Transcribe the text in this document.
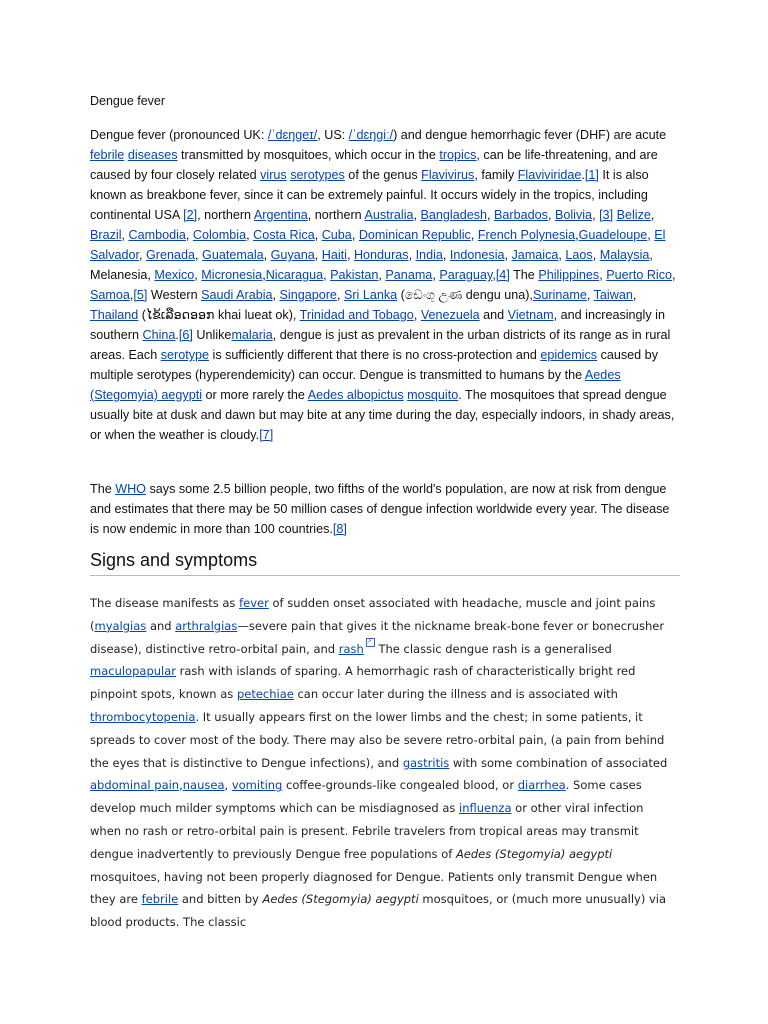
Dengue fever
Dengue fever (pronounced UK: /ˈdɛŋɡeɪ/, US: /ˈdɛŋɡiː/) and dengue hemorrhagic fever (DHF) are acute febrile diseases transmitted by mosquitoes, which occur in the tropics, can be life-threatening, and are caused by four closely related virus serotypes of the genus Flavivirus, family Flaviviridae.[1] It is also known as breakbone fever, since it can be extremely painful. It occurs widely in the tropics, including continental USA [2], northern Argentina, northern Australia, Bangladesh, Barbados, Bolivia, [3] Belize, Brazil, Cambodia, Colombia, Costa Rica, Cuba, Dominican Republic, French Polynesia,Guadeloupe, El Salvador, Grenada, Guatemala, Guyana, Haiti, Honduras, India, Indonesia, Jamaica, Laos, Malaysia, Melanesia, Mexico, Micronesia,Nicaragua, Pakistan, Panama, Paraguay,[4] The Philippines, Puerto Rico, Samoa,[5] Western Saudi Arabia, Singapore, Sri Lanka (ඩෙංගු උණ dengu una),Suriname, Taiwan, Thailand (ໄຂ້ເລືອດອອກ khai lueat ok), Trinidad and Tobago, Venezuela and Vietnam, and increasingly in southern China.[6] Unlikemalaria, dengue is just as prevalent in the urban districts of its range as in rural areas. Each serotype is sufficiently different that there is no cross-protection and epidemics caused by multiple serotypes (hyperendemicity) can occur. Dengue is transmitted to humans by the Aedes (Stegomyia) aegypti or more rarely the Aedes albopictus mosquito. The mosquitoes that spread dengue usually bite at dusk and dawn but may bite at any time during the day, especially indoors, in shady areas, or when the weather is cloudy.[7]
The WHO says some 2.5 billion people, two fifths of the world's population, are now at risk from dengue and estimates that there may be 50 million cases of dengue infection worldwide every year. The disease is now endemic in more than 100 countries.[8]
Signs and symptoms
The disease manifests as fever of sudden onset associated with headache, muscle and joint pains (myalgias and arthralgias—severe pain that gives it the nickname break-bone fever or bonecrusher disease), distinctive retro-orbital pain, and rash↗ The classic dengue rash is a generalised maculopapular rash with islands of sparing. A hemorrhagic rash of characteristically bright red pinpoint spots, known as petechiae can occur later during the illness and is associated with thrombocytopenia. It usually appears first on the lower limbs and the chest; in some patients, it spreads to cover most of the body. There may also be severe retro-orbital pain, (a pain from behind the eyes that is distinctive to Dengue infections), and gastritis with some combination of associated abdominal pain,nausea, vomiting coffee-grounds-like congealed blood, or diarrhea. Some cases develop much milder symptoms which can be misdiagnosed as influenza or other viral infection when no rash or retro-orbital pain is present. Febrile travelers from tropical areas may transmit dengue inadvertently to previously Dengue free populations of Aedes (Stegomyia) aegypti mosquitoes, having not been properly diagnosed for Dengue. Patients only transmit Dengue when they are febrile and bitten by Aedes (Stegomyia) aegypti mosquitoes, or (much more unusually) via blood products. The classic
